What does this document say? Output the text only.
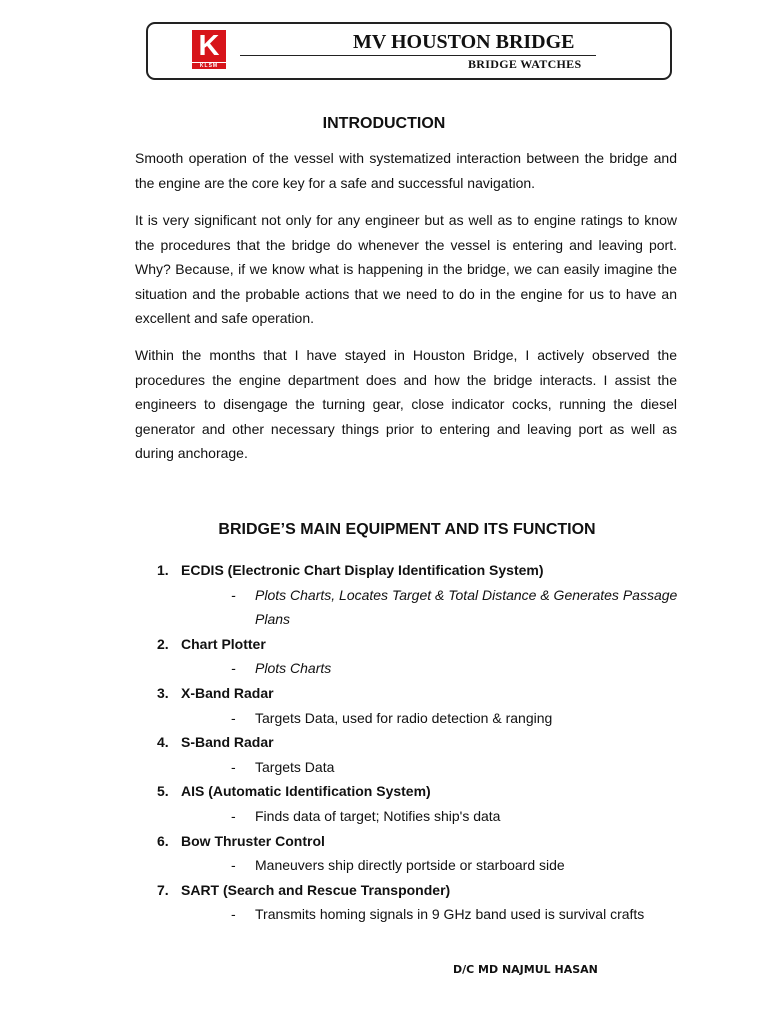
K
KLSM
MV HOUSTON BRIDGE
BRIDGE WATCHES
INTRODUCTION

Smooth operation of the vessel with systematized interaction between the bridge and the engine are the core key for a safe and successful navigation.

It is very significant not only for any engineer but as well as to engine ratings to know the procedures that the bridge do whenever the vessel is entering and leaving port. Why? Because, if we know what is happening in the bridge, we can easily imagine the situation and the probable actions that we need to do in the engine for us to have an excellent and safe operation.

Within the months that I have stayed in Houston Bridge, I actively observed the procedures the engine department does and how the bridge interacts. I assist the engineers to disengage the turning gear, close indicator cocks, running the diesel generator and other necessary things prior to entering and leaving port as well as during anchorage.

BRIDGE’S MAIN EQUIPMENT AND ITS FUNCTION
1. ECDIS (Electronic Chart Display Identification System)
- Plots Charts, Locates Target & Total Distance & Generates Passage Plans
2. Chart Plotter
- Plots Charts
3. X-Band Radar
- Targets Data, used for radio detection & ranging
4. S-Band Radar
- Targets Data
5. AIS (Automatic Identification System)
- Finds data of target; Notifies ship's data
6. Bow Thruster Control
- Maneuvers ship directly portside or starboard side
7. SART (Search and Rescue Transponder)
- Transmits homing signals in 9 GHz band used is survival crafts
D/C MD NAJMUL HASAN
